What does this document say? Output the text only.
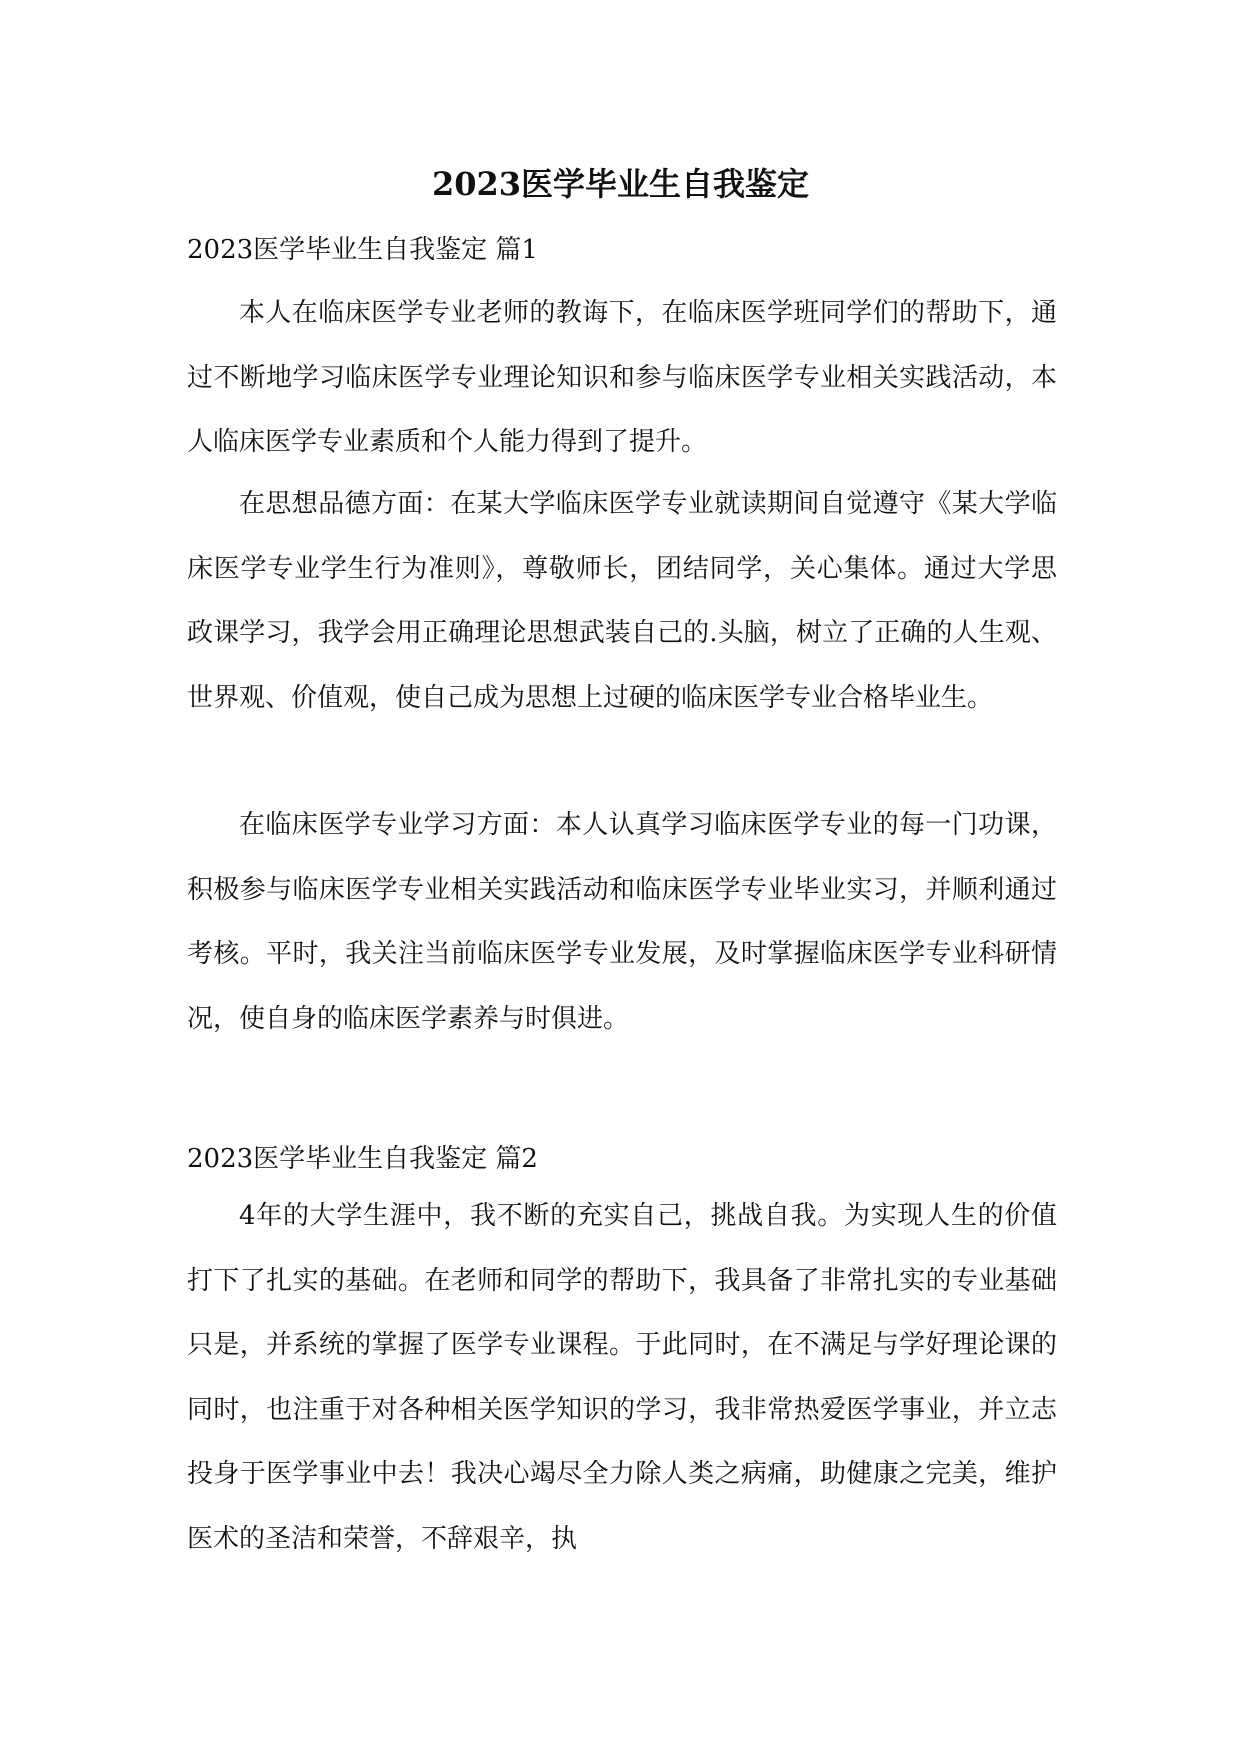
2023医学毕业生自我鉴定
2023医学毕业生自我鉴定 篇1

本人在临床医学专业老师的教诲下，在临床医学班同学们的帮助下，通过不断地学习临床医学专业理论知识和参与临床医学专业相关实践活动，本人临床医学专业素质和个人能力得到了提升。

在思想品德方面：在某大学临床医学专业就读期间自觉遵守《某大学临床医学专业学生行为准则》，尊敬师长，团结同学，关心集体。通过大学思政课学习，我学会用正确理论思想武装自己的.头脑，树立了正确的人生观、世界观、价值观，使自己成为思想上过硬的临床医学专业合格毕业生。

在临床医学专业学习方面：本人认真学习临床医学专业的每一门功课，积极参与临床医学专业相关实践活动和临床医学专业毕业实习，并顺利通过考核。平时，我关注当前临床医学专业发展，及时掌握临床医学专业科研情况，使自身的临床医学素养与时俱进。

2023医学毕业生自我鉴定 篇2

4年的大学生涯中，我不断的充实自己，挑战自我。为实现人生的价值打下了扎实的基础。在老师和同学的帮助下，我具备了非常扎实的专业基础只是，并系统的掌握了医学专业课程。于此同时，在不满足与学好理论课的同时，也注重于对各种相关医学知识的学习，我非常热爱医学事业，并立志投身于医学事业中去！我决心竭尽全力除人类之病痛，助健康之完美，维护医术的圣洁和荣誉，不辞艰辛，执
